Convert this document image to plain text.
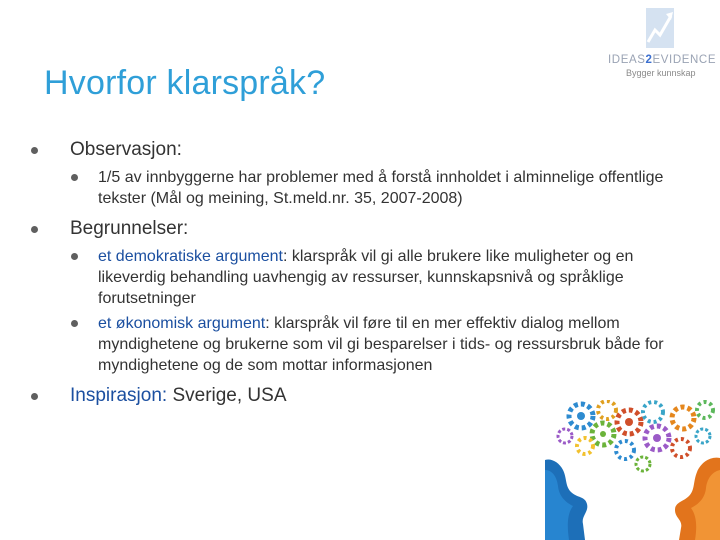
IDEAS2EVIDENCE
Bygger kunnskap
Hvorfor klarspråk?
Observasjon:
1/5 av innbyggerne har problemer med å forstå innholdet i alminnelige offentlige tekster (Mål og meining, St.meld.nr. 35, 2007-2008)
Begrunnelser:
et demokratiske argument: klarspråk vil gi alle brukere like muligheter og en likeverdig behandling uavhengig av ressurser, kunnskapsnivå og språklige forutsetninger
et økonomisk argument: klarspråk vil føre til en mer effektiv dialog mellom myndighetene og brukerne som vil gi besparelser i tids- og ressursbruk både for myndighetene og de som mottar informasjonen
Inspirasjon: Sverige, USA
